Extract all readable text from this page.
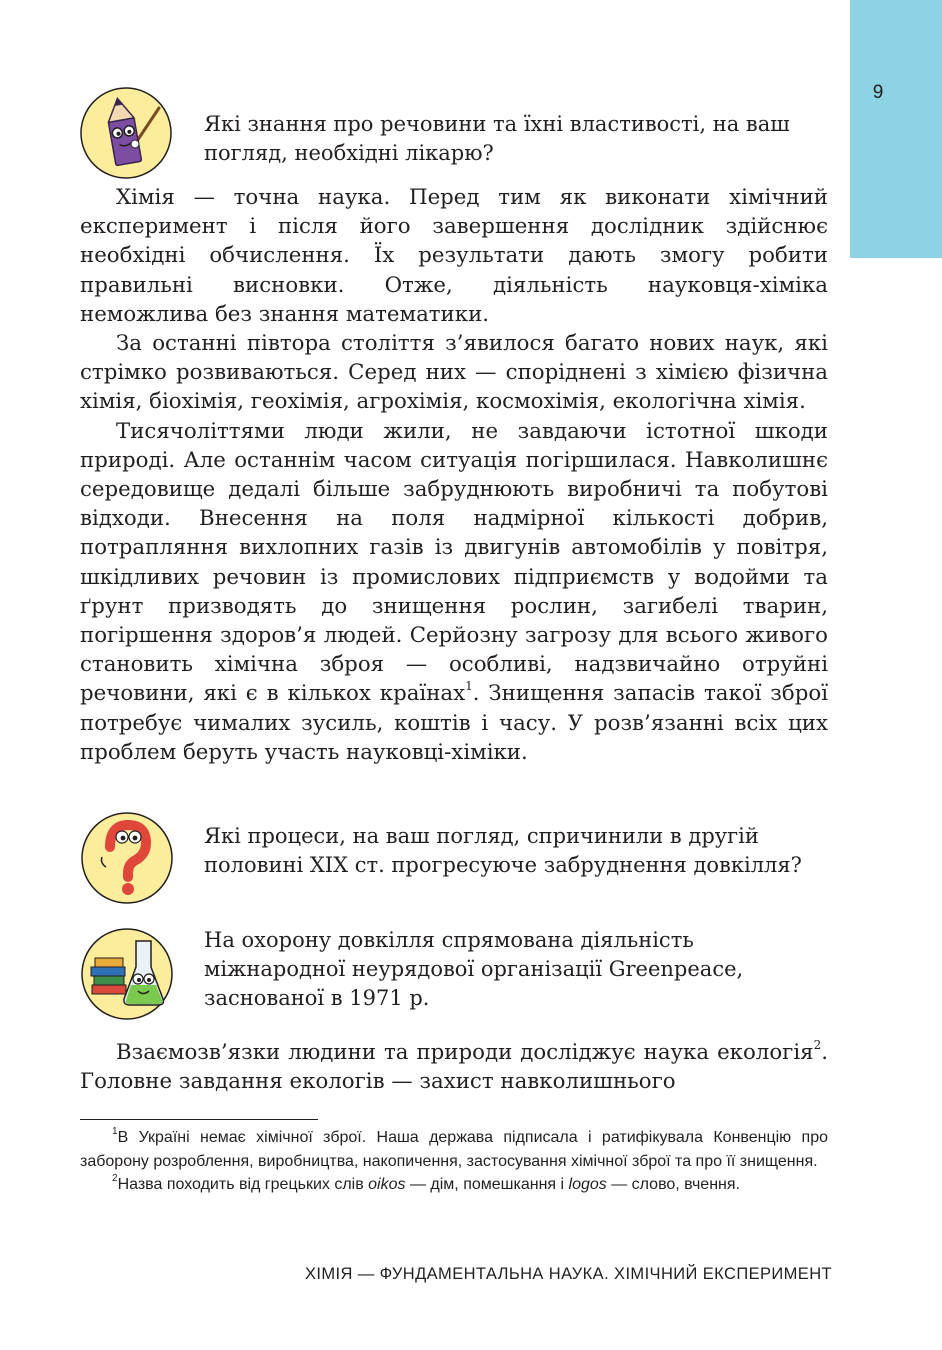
9
Які знання про речовини та їхні властивості, на ваш погляд, необхідні лікарю?

Хімія — точна наука. Перед тим як виконати хімічний експеримент і після його завершення дослідник здійснює необхідні обчислення. Їх результати дають змогу робити правильні висновки. Отже, діяльність науковця-хіміка неможлива без знання математики.

За останні півтора століття з’явилося багато нових наук, які стрімко розвиваються. Серед них — споріднені з хімією фізична хімія, біохімія, геохімія, агрохімія, космохімія, екологічна хімія.

Тисячоліттями люди жили, не завдаючи істотної шкоди природі. Але останнім часом ситуація погіршилася. Навколишнє середовище дедалі більше забруднюють виробничі та побутові відходи. Внесення на поля надмірної кількості добрив, потрапляння вихлопних газів із двигунів автомобілів у повітря, шкідливих речовин із промислових підприємств у водойми та ґрунт призводять до знищення рослин, загибелі тварин, погіршення здоров’я людей. Серйозну загрозу для всього живого становить хімічна зброя — особливі, надзвичайно отруйні речовини, які є в кількох країнах$^1$. Знищення запасів такої зброї потребує чималих зусиль, коштів і часу. У розв’язанні всіх цих проблем беруть участь науковці-хіміки.

Які процеси, на ваш погляд, спричинили в другій половині XIX ст. прогресуюче забруднення довкілля?
На охорону довкілля спрямована діяльність міжнародної неурядової організації Greenpeace, заснованої в 1971 р.

Взаємозв’язки людини та природи досліджує наука екологія$^2$. Головне завдання екологів — захист навколишнього

$^1$В Україні немає хімічної зброї. Наша держава підписала і ратифікувала Конвенцію про заборону розроблення, виробництва, накопичення, застосування хімічної зброї та про її знищення.

$^2$Назва походить від грецьких слів oikos — дім, помешкання і logos — слово, вчення.

ХІМІЯ — ФУНДАМЕНТАЛЬНА НАУКА. ХІМІЧНИЙ ЕКСПЕРИМЕНТ
